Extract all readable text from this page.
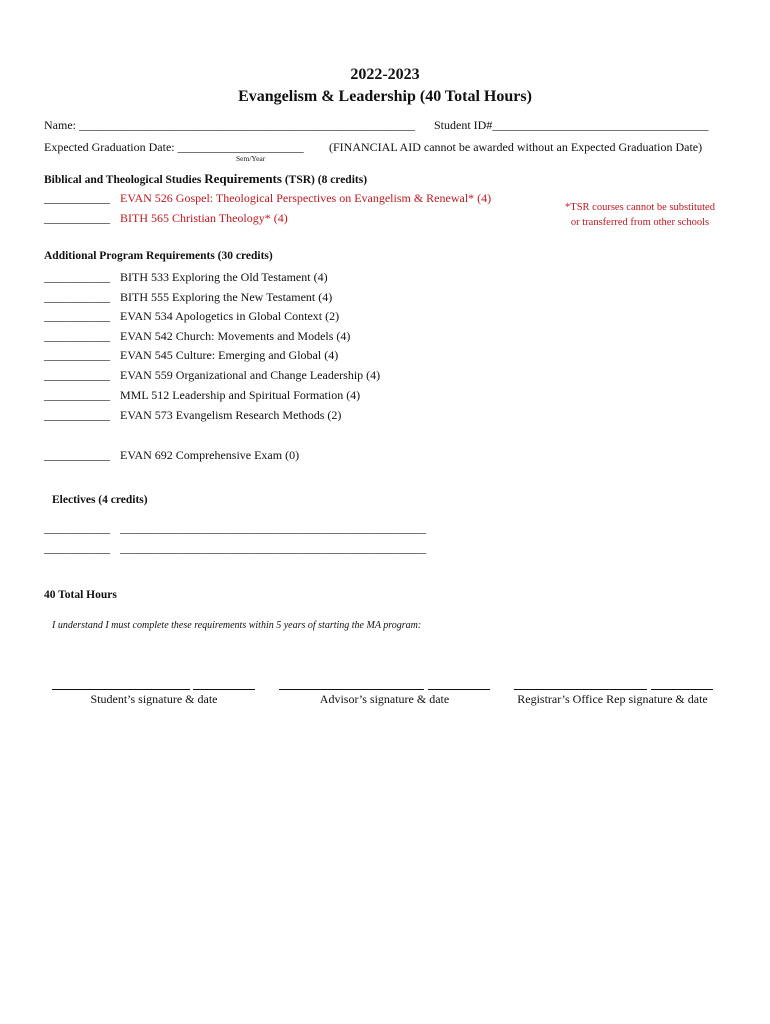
2022-2023
Evangelism & Leadership (40 Total Hours)
Name: ________________________________________________________ Student ID#____________________________________
Expected Graduation Date: _____________________ (FINANCIAL AID cannot be awarded without an Expected Graduation Date)
Sem/Year
Biblical and Theological Studies Requirements (TSR) (8 credits)
___________ EVAN 526 Gospel: Theological Perspectives on Evangelism & Renewal* (4)
___________ BITH 565 Christian Theology* (4)
*TSR courses cannot be substituted
or transferred from other schools
Additional Program Requirements (30 credits)
___________ BITH 533 Exploring the Old Testament (4)
___________ BITH 555 Exploring the New Testament (4)
___________ EVAN 534 Apologetics in Global Context (2)
___________ EVAN 542 Church: Movements and Models (4)
___________ EVAN 545 Culture: Emerging and Global (4)
___________ EVAN 559 Organizational and Change Leadership (4)
___________ MML 512 Leadership and Spiritual Formation (4)
___________ EVAN 573 Evangelism Research Methods (2)
___________ EVAN 692 Comprehensive Exam (0)
Electives (4 credits)
___________ ___________________________________________________
___________ ___________________________________________________
40 Total Hours
I understand I must complete these requirements within 5 years of starting the MA program:
Student’s signature & date	Advisor’s signature & date	Registrar’s Office Rep signature & date
